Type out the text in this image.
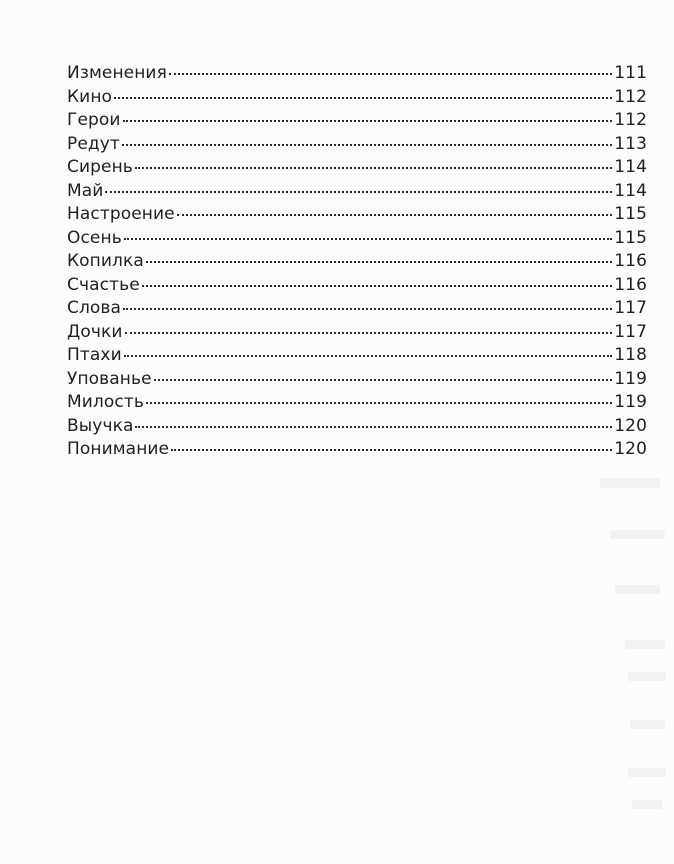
Изменения	111
Кино	112
Герои	112
Редут	113
Сирень	114
Май	114
Настроение	115
Осень	115
Копилка	116
Счастье	116
Слова	117
Дочки	117
Птахи	118
Упованье	119
Милость	119
Выучка	120
Понимание	120
